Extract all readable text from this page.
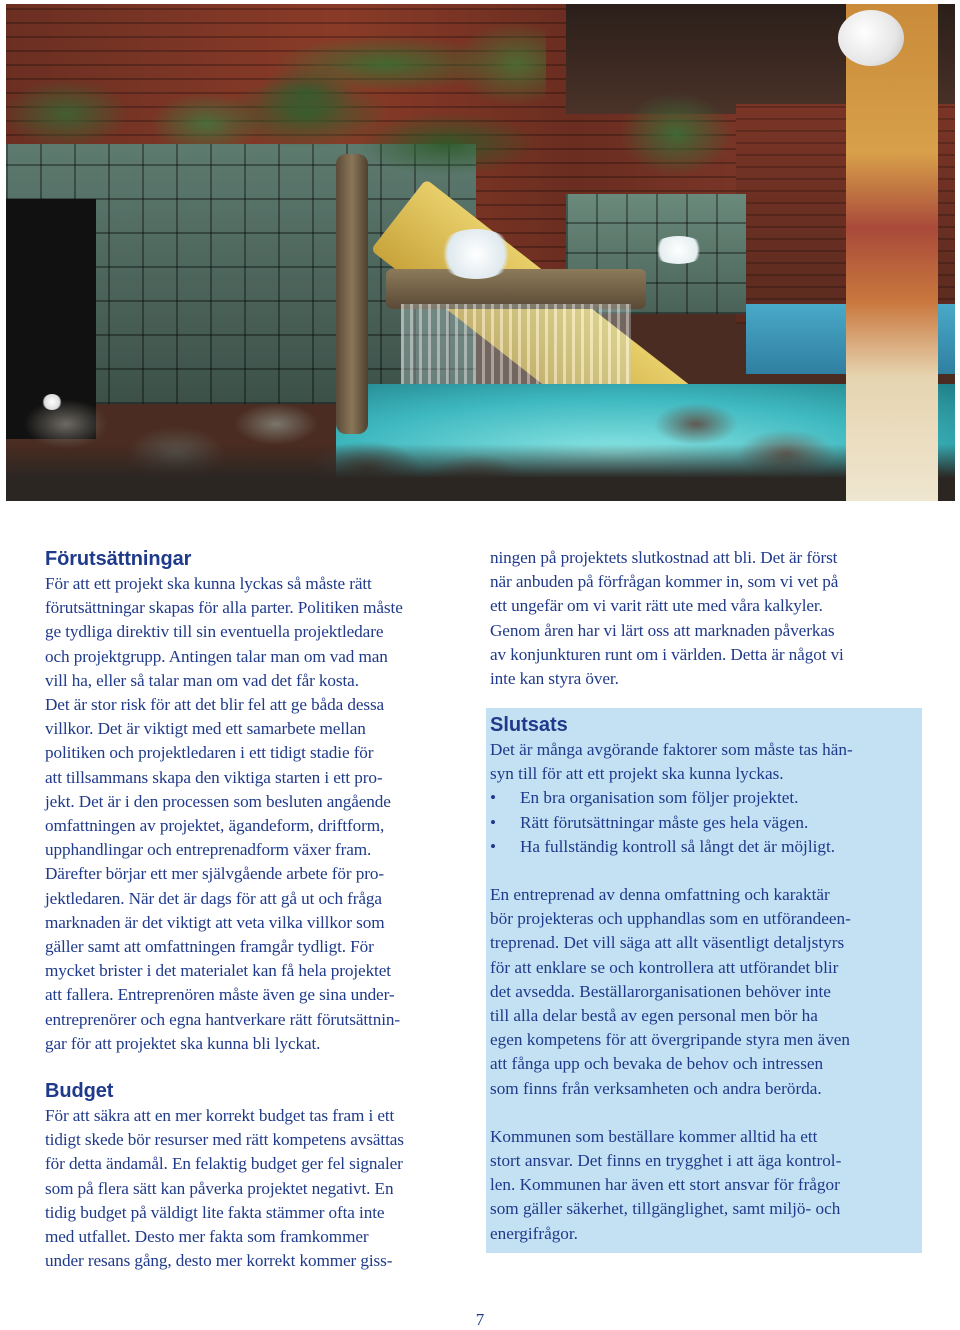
Förutsättningar

För att ett projekt ska kunna lyckas så måste rätt

förutsättningar skapas för alla parter. Politiken måste

ge tydliga direktiv till sin eventuella projektledare

och projektgrupp. Antingen talar man om vad man

vill ha, eller så talar man om vad det får kosta.

Det är stor risk för att det blir fel att ge båda dessa

villkor. Det är viktigt med ett samarbete mellan

politiken och projektledaren i ett tidigt stadie för

att tillsammans skapa den viktiga starten i ett pro-

jekt. Det är i den processen som besluten angående

omfattningen av projektet, ägandeform, driftform,

upphandlingar och entreprenadform växer fram.

Därefter börjar ett mer självgående arbete för pro-

jektledaren. När det är dags för att gå ut och fråga

marknaden är det viktigt att veta vilka villkor som

gäller samt att omfattningen framgår tydligt. För

mycket brister i det materialet kan få hela projektet

att fallera. Entreprenören måste även ge sina under-

entreprenörer och egna hantverkare rätt förutsättnin-

gar för att projektet ska kunna bli lyckat.

Budget

För att säkra att en mer korrekt budget tas fram i ett

tidigt skede bör resurser med rätt kompetens avsättas

för detta ändamål. En felaktig budget ger fel signaler

som på flera sätt kan påverka projektet negativt. En

tidig budget på väldigt lite fakta stämmer ofta inte

med utfallet. Desto mer fakta som framkommer

under resans gång, desto mer korrekt kommer giss-

ningen på projektets slutkostnad att bli. Det är först

när anbuden på förfrågan kommer in, som vi vet på

ett ungefär om vi varit rätt ute med våra kalkyler.

Genom åren har vi lärt oss att marknaden påverkas

av konjunkturen runt om i världen. Detta är något vi

inte kan styra över.

Slutsats

Det är många avgörande faktorer som måste tas hän-

syn till för att ett projekt ska kunna lyckas.

• En bra organisation som följer projektet.
• Rätt förutsättningar måste ges hela vägen.
• Ha fullständig kontroll så långt det är möjligt.

En entreprenad av denna omfattning och karaktär

bör projekteras och upphandlas som en utförandeen-

treprenad. Det vill säga att allt väsentligt detaljstyrs

för att enklare se och kontrollera att utförandet blir

det avsedda. Beställarorganisationen behöver inte

till alla delar bestå av egen personal men bör ha

egen kompetens för att övergripande styra men även

att fånga upp och bevaka de behov och intressen

som finns från verksamheten och andra berörda.

Kommunen som beställare kommer alltid ha ett

stort ansvar. Det finns en trygghet i att äga kontrol-

len. Kommunen har även ett stort ansvar för frågor

som gäller säkerhet, tillgänglighet, samt miljö- och

energifrågor.

7
